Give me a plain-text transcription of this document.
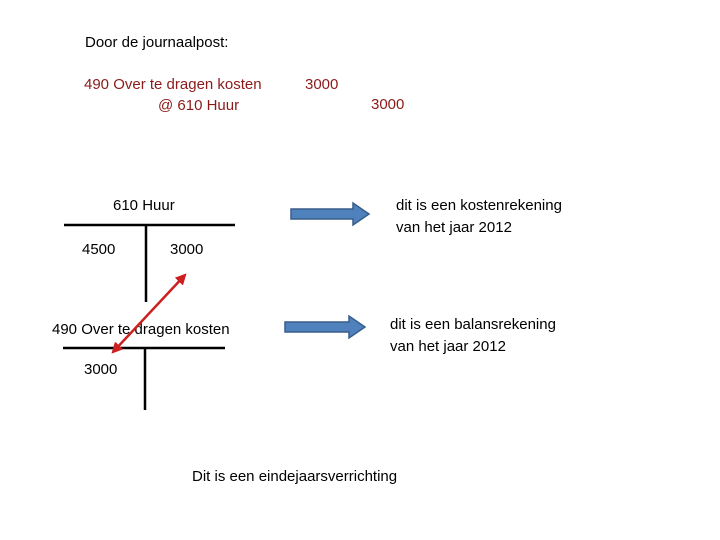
Door de journaalpost:
490 Over te dragen kosten
@ 610 Huur
3000
3000
610 Huur
4500	3000
490 Over te dragen kosten
3000
dit is een kostenrekening
van het jaar 2012
dit is een balansrekening
van het jaar 2012
Dit is een eindejaarsverrichting
